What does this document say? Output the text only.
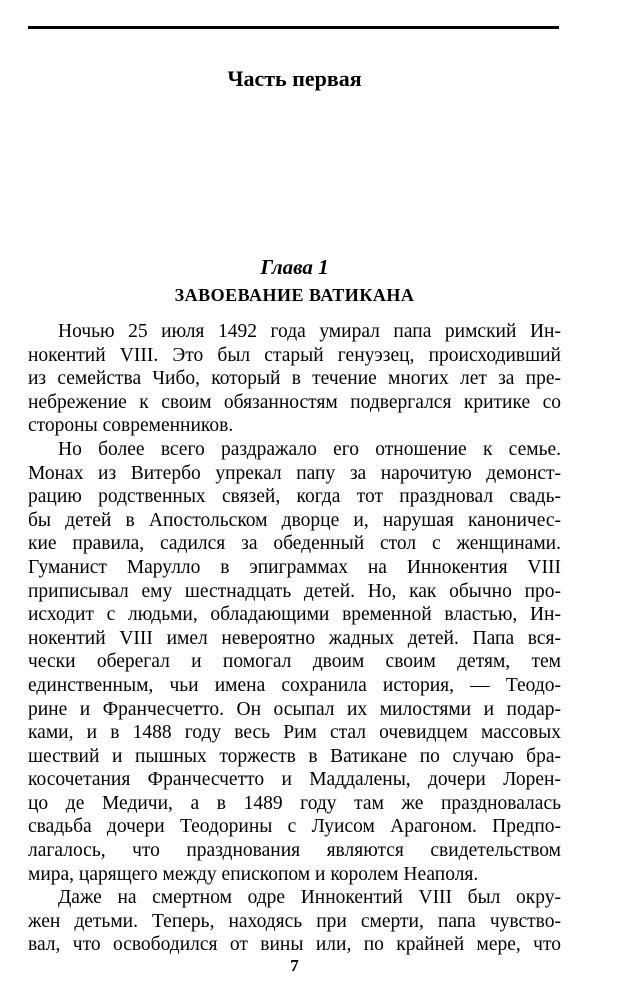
Часть первая
Глава 1
ЗАВОЕВАНИЕ ВАТИКАНА
Ночью 25 июля 1492 года умирал папа римский Ин-
нокентий VIII. Это был старый генуэзец, происходивший
из семейства Чибо, который в течение многих лет за пре-
небрежение к своим обязанностям подвергался критике со
стороны современников.
Но более всего раздражало его отношение к семье.
Монах из Витербо упрекал папу за нарочитую демонст-
рацию родственных связей, когда тот праздновал свадь-
бы детей в Апостольском дворце и, нарушая каноничес-
кие правила, садился за обеденный стол с женщинами.
Гуманист Марулло в эпиграммах на Иннокентия VIII
приписывал ему шестнадцать детей. Но, как обычно про-
исходит с людьми, обладающими временной властью, Ин-
нокентий VIII имел невероятно жадных детей. Папа вся-
чески оберегал и помогал двоим своим детям, тем
единственным, чьи имена сохранила история, — Теодо-
рине и Франчесчетто. Он осыпал их милостями и подар-
ками, и в 1488 году весь Рим стал очевидцем массовых
шествий и пышных торжеств в Ватикане по случаю бра-
косочетания Франчесчетто и Маддалены, дочери Лорен-
цо де Медичи, а в 1489 году там же праздновалась
свадьба дочери Теодорины с Луисом Арагоном. Предпо-
лагалось, что празднования являются свидетельством
мира, царящего между епископом и королем Неаполя.
Даже на смертном одре Иннокентий VIII был окру-
жен детьми. Теперь, находясь при смерти, папа чувство-
вал, что освободился от вины или, по крайней мере, что
7
